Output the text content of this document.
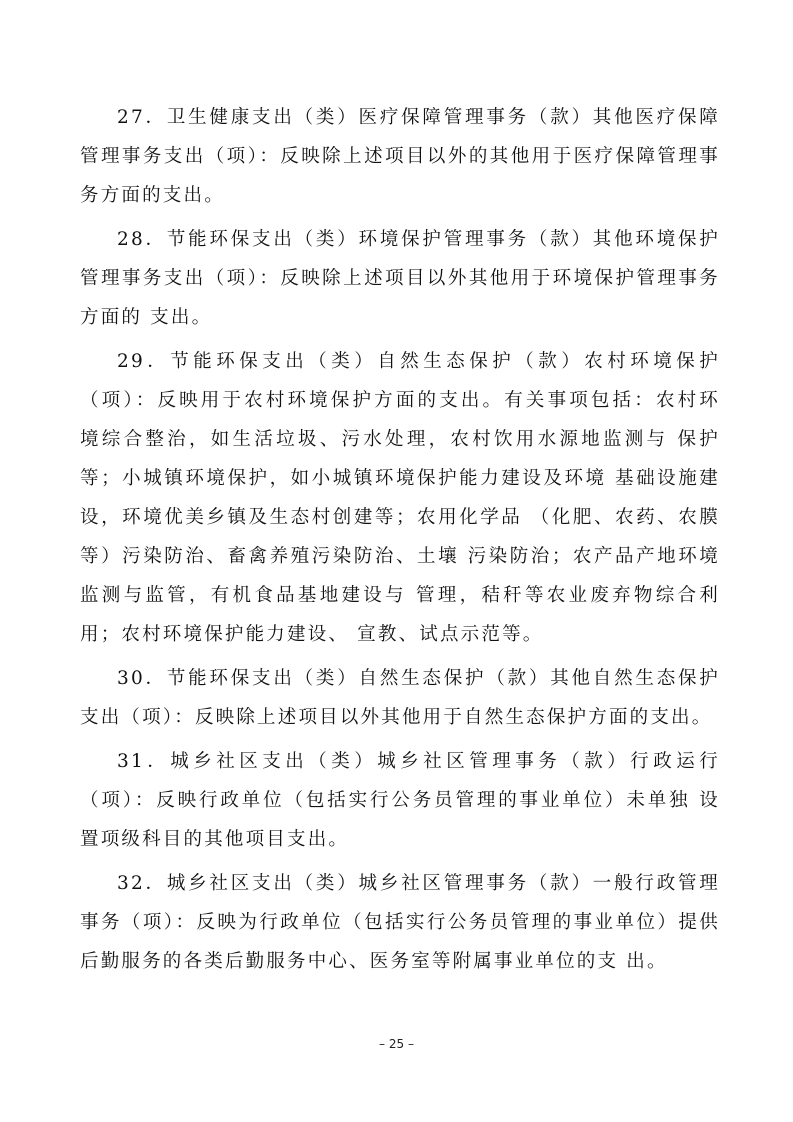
27．卫生健康支出（类）医疗保障管理事务（款）其他医疗保障管理事务支出（项）：反映除上述项目以外的其他用于医疗保障管理事务方面的支出。

28．节能环保支出（类）环境保护管理事务（款）其他环境保护管理事务支出（项）：反映除上述项目以外其他用于环境保护管理事务方面的 支出。

29．节能环保支出（类）自然生态保护（款）农村环境保护（项）：反映用于农村环境保护方面的支出。有关事项包括：农村环 境综合整治，如生活垃圾、污水处理，农村饮用水源地监测与 保护等；小城镇环境保护，如小城镇环境保护能力建设及环境 基础设施建设，环境优美乡镇及生态村创建等；农用化学品 （化肥、农药、农膜等）污染防治、畜禽养殖污染防治、土壤 污染防治；农产品产地环境监测与监管，有机食品基地建设与 管理，秸秆等农业废弃物综合利用；农村环境保护能力建设、 宣教、试点示范等。

30．节能环保支出（类）自然生态保护（款）其他自然生态保护支出（项）：反映除上述项目以外其他用于自然生态保护方面的支出。

31．城乡社区支出（类）城乡社区管理事务（款）行政运行（项）：反映行政单位（包括实行公务员管理的事业单位）未单独 设置项级科目的其他项目支出。

32．城乡社区支出（类）城乡社区管理事务（款）一般行政管理事务（项）：反映为行政单位（包括实行公务员管理的事业单位）提供后勤服务的各类后勤服务中心、医务室等附属事业单位的支 出。

– 25 –
